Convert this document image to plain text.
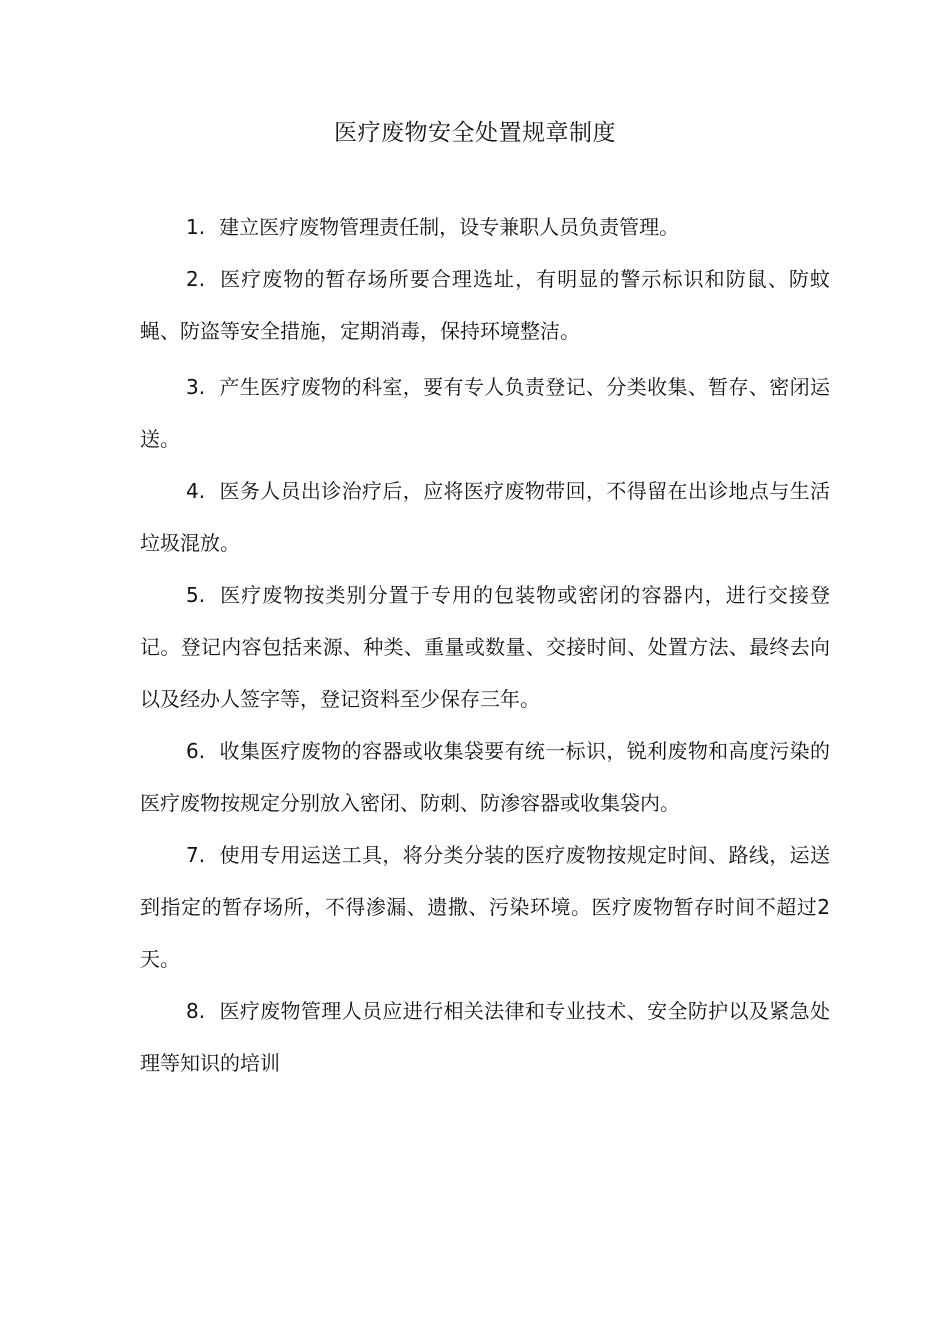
医疗废物安全处置规章制度
1. 建立医疗废物管理责任制，设专兼职人员负责管理。
2. 医疗废物的暂存场所要合理选址，有明显的警示标识和防鼠、防蚊蝇、防盗等安全措施，定期消毒，保持环境整洁。
3. 产生医疗废物的科室，要有专人负责登记、分类收集、暂存、密闭运送。
4. 医务人员出诊治疗后，应将医疗废物带回，不得留在出诊地点与生活垃圾混放。
5. 医疗废物按类别分置于专用的包装物或密闭的容器内，进行交接登记。登记内容包括来源、种类、重量或数量、交接时间、处置方法、最终去向以及经办人签字等，登记资料至少保存三年。
6. 收集医疗废物的容器或收集袋要有统一标识，锐利废物和高度污染的医疗废物按规定分别放入密闭、防刺、防渗容器或收集袋内。
7. 使用专用运送工具，将分类分装的医疗废物按规定时间、路线，运送到指定的暂存场所，不得渗漏、遗撒、污染环境。医疗废物暂存时间不超过2天。
8. 医疗废物管理人员应进行相关法律和专业技术、安全防护以及紧急处理等知识的培训
